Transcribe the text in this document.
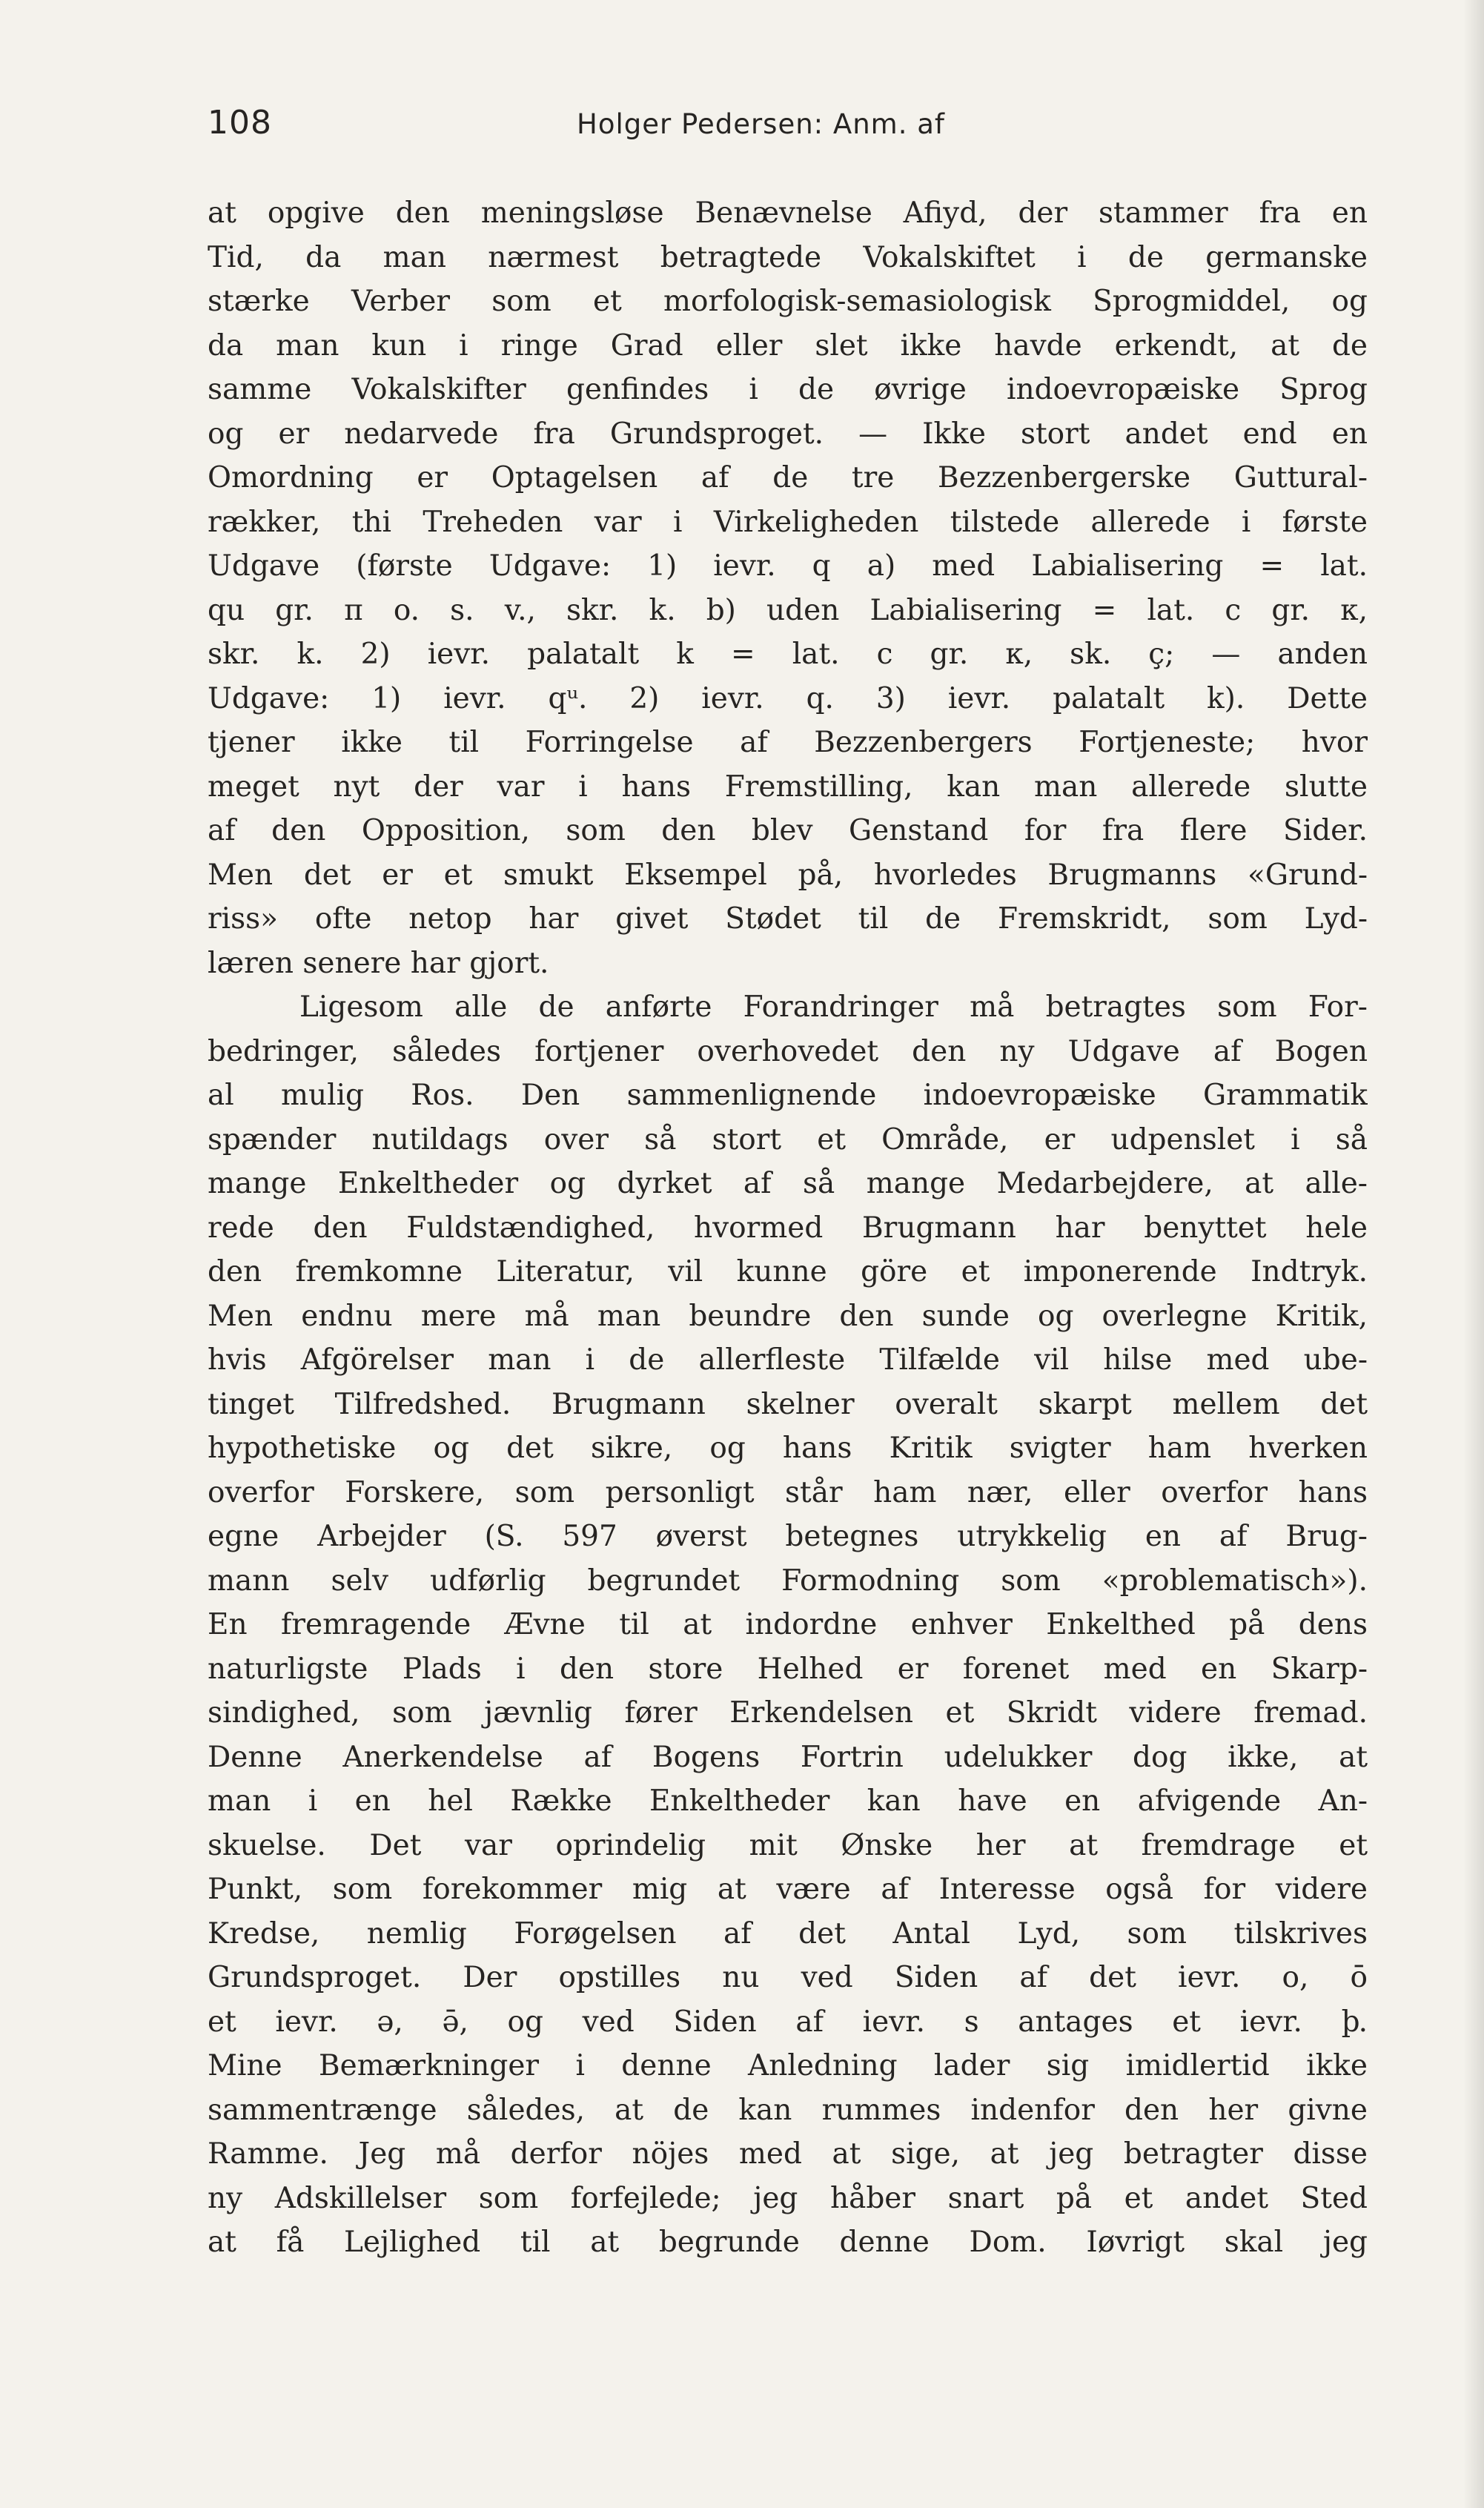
108	Holger Pedersen: Anm. af
at opgive den meningsløse Benævnelse Afiyd, der stammer fra en
Tid, da man nærmest betragtede Vokalskiftet i de germanske
stærke Verber som et morfologisk-semasiologisk Sprogmiddel, og
da man kun i ringe Grad eller slet ikke havde erkendt, at de
samme Vokalskifter genfindes i de øvrige indoevropæiske Sprog
og er nedarvede fra Grundsproget. — Ikke stort andet end en
Omordning er Optagelsen af de tre Bezzenbergerske Guttural-
rækker, thi Treheden var i Virkeligheden tilstede allerede i første
Udgave (første Udgave: 1) ievr. q a) med Labialisering = lat.
qu gr. π o. s. v., skr. k. b) uden Labialisering = lat. c gr. κ,
skr. k. 2) ievr. palatalt k = lat. c gr. κ, sk. ç; — anden
Udgave: 1) ievr. qᵘ. 2) ievr. q. 3) ievr. palatalt k). Dette
tjener ikke til Forringelse af Bezzenbergers Fortjeneste; hvor
meget nyt der var i hans Fremstilling, kan man allerede slutte
af den Opposition, som den blev Genstand for fra flere Sider.
Men det er et smukt Eksempel på, hvorledes Brugmanns «Grund-
riss» ofte netop har givet Stødet til de Fremskridt, som Lyd-
læren senere har gjort.
Ligesom alle de anførte Forandringer må betragtes som For-
bedringer, således fortjener overhovedet den ny Udgave af Bogen
al mulig Ros. Den sammenlignende indoevropæiske Grammatik
spænder nutildags over så stort et Område, er udpenslet i så
mange Enkeltheder og dyrket af så mange Medarbejdere, at alle-
rede den Fuldstændighed, hvormed Brugmann har benyttet hele
den fremkomne Literatur, vil kunne göre et imponerende Indtryk.
Men endnu mere må man beundre den sunde og overlegne Kritik,
hvis Afgörelser man i de allerfleste Tilfælde vil hilse med ube-
tinget Tilfredshed. Brugmann skelner overalt skarpt mellem det
hypothetiske og det sikre, og hans Kritik svigter ham hverken
overfor Forskere, som personligt står ham nær, eller overfor hans
egne Arbejder (S. 597 øverst betegnes utrykkelig en af Brug-
mann selv udførlig begrundet Formodning som «problematisch»).
En fremragende Ævne til at indordne enhver Enkelthed på dens
naturligste Plads i den store Helhed er forenet med en Skarp-
sindighed, som jævnlig fører Erkendelsen et Skridt videre fremad.
Denne Anerkendelse af Bogens Fortrin udelukker dog ikke, at
man i en hel Række Enkeltheder kan have en afvigende An-
skuelse. Det var oprindelig mit Ønske her at fremdrage et
Punkt, som forekommer mig at være af Interesse også for videre
Kredse, nemlig Forøgelsen af det Antal Lyd, som tilskrives
Grundsproget. Der opstilles nu ved Siden af det ievr. o, ō
et ievr. ə, ə̄, og ved Siden af ievr. s antages et ievr. þ.
Mine Bemærkninger i denne Anledning lader sig imidlertid ikke
sammentrænge således, at de kan rummes indenfor den her givne
Ramme. Jeg må derfor nöjes med at sige, at jeg betragter disse
ny Adskillelser som forfejlede; jeg håber snart på et andet Sted
at få Lejlighed til at begrunde denne Dom. Iøvrigt skal jeg
